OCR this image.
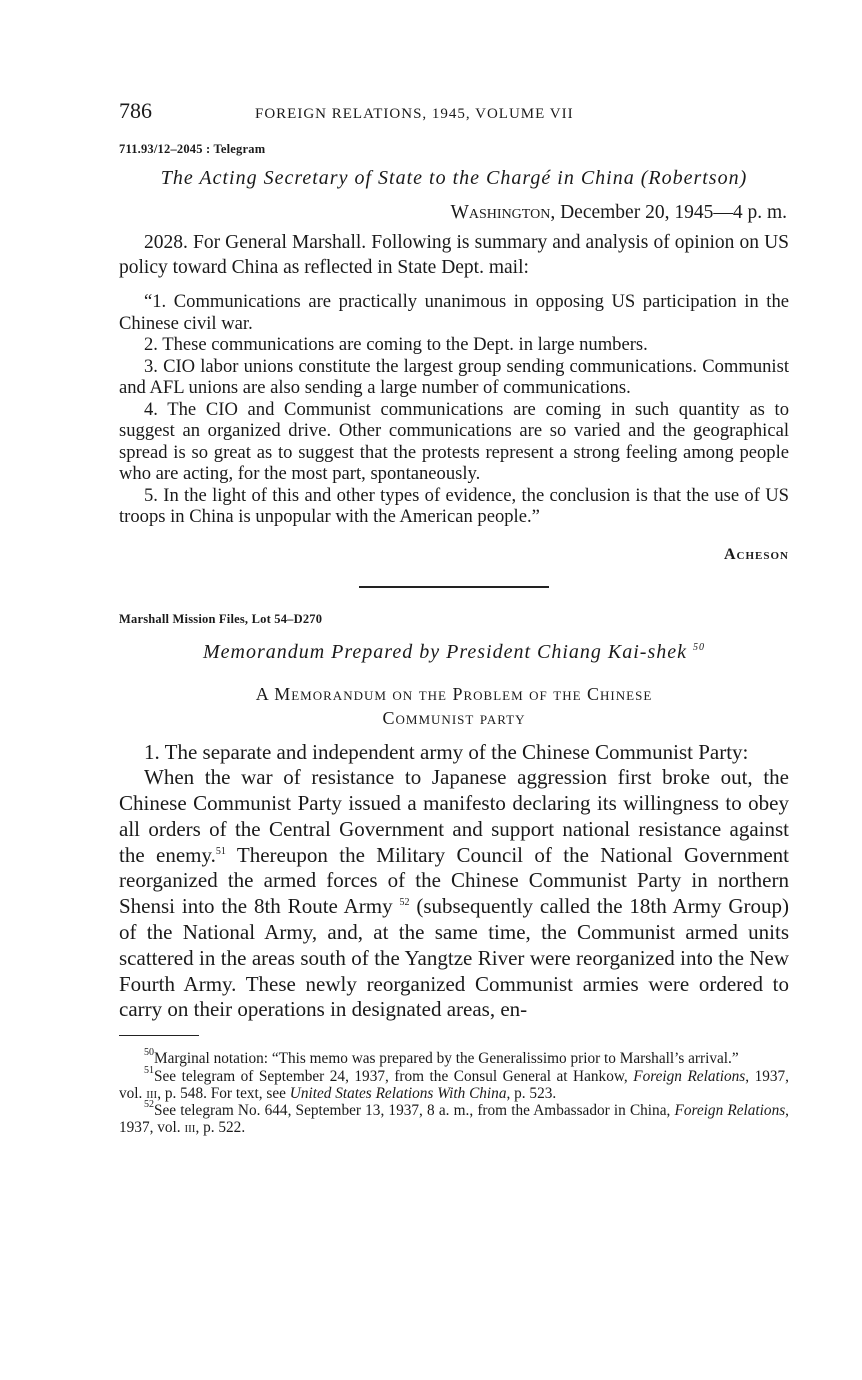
786	FOREIGN RELATIONS, 1945, VOLUME VII
711.93/12–2045 : Telegram
The Acting Secretary of State to the Chargé in China (Robertson)
Washington, December 20, 1945—4 p. m.

2028. For General Marshall. Following is summary and analysis of opinion on US policy toward China as reflected in State Dept. mail:

“1. Communications are practically unanimous in opposing US participation in the Chinese civil war.

2. These communications are coming to the Dept. in large numbers.

3. CIO labor unions constitute the largest group sending communications. Communist and AFL unions are also sending a large number of communications.

4. The CIO and Communist communications are coming in such quantity as to suggest an organized drive. Other communications are so varied and the geographical spread is so great as to suggest that the protests represent a strong feeling among people who are acting, for the most part, spontaneously.

5. In the light of this and other types of evidence, the conclusion is that the use of US troops in China is unpopular with the American people.”

Acheson
Marshall Mission Files, Lot 54–D270
Memorandum Prepared by President Chiang Kai-shek $^{50}$
A Memorandum on the Problem of the Chinese
Communist party

1. The separate and independent army of the Chinese Communist Party:

When the war of resistance to Japanese aggression first broke out, the Chinese Communist Party issued a manifesto declaring its willingness to obey all orders of the Central Government and support national resistance against the enemy.$^{51}$ Thereupon the Military Council of the National Government reorganized the armed forces of the Chinese Communist Party in northern Shensi into the 8th Route Army $^{52}$ (subsequently called the 18th Army Group) of the National Army, and, at the same time, the Communist armed units scattered in the areas south of the Yangtze River were reorganized into the New Fourth Army. These newly reorganized Communist armies were ordered to carry on their operations in designated areas, en-

$^{50}$Marginal notation: “This memo was prepared by the Generalissimo prior to Marshall’s arrival.”

$^{51}$See telegram of September 24, 1937, from the Consul General at Hankow, Foreign Relations, 1937, vol. iii, p. 548. For text, see United States Relations With China, p. 523.

$^{52}$See telegram No. 644, September 13, 1937, 8 a. m., from the Ambassador in China, Foreign Relations, 1937, vol. iii, p. 522.
